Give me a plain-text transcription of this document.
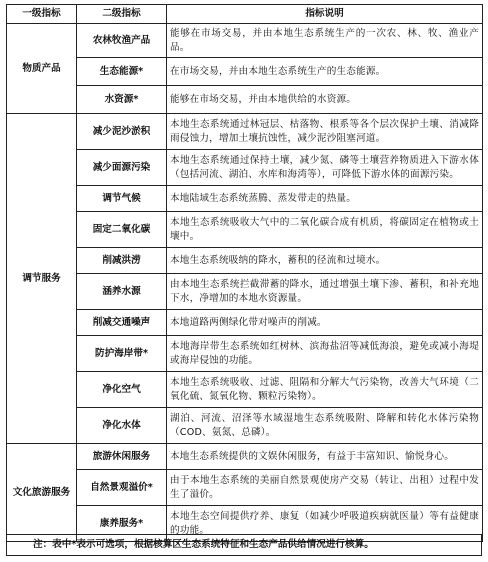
一级指标	二级指标	指标说明
物质产品	农林牧渔产品	能够在市场交易，并由本地生态系统生产的一次农、林、牧、渔业产品。
	生态能源*	在市场交易，并由本地生态系统生产的生态能源。
	水资源*	能够在市场交易，并由本地供给的水资源。
调节服务	减少泥沙淤积	本地生态系统通过林冠层、枯落物、根系等各个层次保护土壤、消减降雨侵蚀力，增加土壤抗蚀性，减少泥沙阻塞河道。
	减少面源污染	本地生态系统通过保持土壤，减少氮、磷等土壤营养物质进入下游水体（包括河流、湖泊、水库和海湾等），可降低下游水体的面源污染。
	调节气候	本地陆域生态系统蒸腾、蒸发带走的热量。
	固定二氧化碳	本地生态系统吸收大气中的二氧化碳合成有机质，将碳固定在植物或土壤中。
	削减洪涝	本地生态系统吸纳的降水，蓄积的径流和过境水。
	涵养水源	由本地生态系统拦截滞蓄的降水，通过增强土壤下渗、蓄积，和补充地下水，净增加的本地水资源量。
	削减交通噪声	本地道路两侧绿化带对噪声的削减。
	防护海岸带*	本地海岸带生态系统如红树林、滨海盐沼等减低海浪，避免或减小海堤或海岸侵蚀的功能。
	净化空气	本地生态系统吸收、过滤、阻隔和分解大气污染物，改善大气环境（二氧化硫、氮氧化物、颗粒污染物）。
	净化水体	湖泊、河流、沼泽等水域湿地生态系统吸附、降解和转化水体污染物（COD、氨氮、总磷）。
文化旅游服务	旅游休闲服务	本地生态系统提供的文娱休闲服务，有益于丰富知识、愉悦身心。
	自然景观溢价*	由于本地生态系统的美丽自然景观使房产交易（转让、出租）过程中发生了溢价。
	康养服务*	本地生态空间提供疗养、康复（如减少呼吸道疾病就医量）等有益健康的功能。
注：表中*表示可选项，根据核算区生态系统特征和生态产品供给情况进行核算。
